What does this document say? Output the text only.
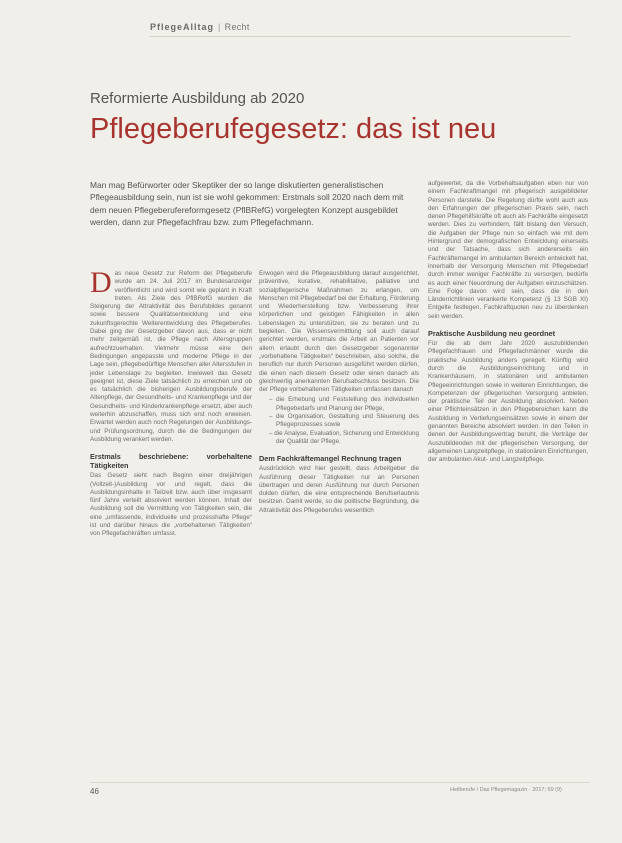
PflegeAlltag | Recht
Reformierte Ausbildung ab 2020
Pflegeberufegesetz: das ist neu

Man mag Befürworter oder Skeptiker der so lange diskutierten generalistischen Pflegeausbildung sein, nun ist sie wohl gekommen: Erstmals soll 2020 nach dem mit dem neuen Pflegeberufereformgesetz (PflBRefG) vorgelegten Konzept ausgebildet werden, dann zur Pflegefachfrau bzw. zum Pflegefachmann.

Das neue Gesetz zur Reform der Pflegeberufe wurde am 24. Juli 2017 im Bundesanzeiger veröffentlicht und wird somit wie geplant in Kraft treten. Als Ziele des PflBRefG wurden die Steigerung der Attraktivität des Berufsbildes genannt sowie bessere Qualitätsentwicklung und eine zukunftsgerechte Weiterentwicklung des Pflegeberufes. Dabei ging der Gesetzgeber davon aus, dass er nicht mehr zeitgemäß ist, die Pflege nach Altersgruppen aufrechtzuerhalten. Vielmehr müsse eine den Bedingungen angepasste und moderne Pflege in der Lage sein, pflegebedürftige Menschen aller Altersstufen in jeder Lebenslage zu begleiten. Inwieweit das Gesetz geeignet ist, diese Ziele tatsächlich zu erreichen und ob es tatsächlich die bisherigen Ausbildungsberufe der Altenpflege, der Gesundheits- und Krankenpflege und der Gesundheits- und Kinderkrankenpflege ersetzt, aber auch weiterhin abzuschaffen, muss sich erst noch erweisen. Erwartet werden auch noch Regelungen der Ausbildungs- und Prüfungsordnung, durch die die Bedingungen der Ausbildung verankert werden.

Erstmals beschriebene: vorbehaltene Tätigkeiten

Das Gesetz sieht nach Beginn einer dreijährigen (Vollzeit-)Ausbildung vor und regelt, dass die Ausbildungsinhalte in Teilzeit bzw. auch über insgesamt fünf Jahre verteilt absolviert werden können. Inhalt der Ausbildung soll die Vermittlung von Tätigkeiten sein, die eine „umfassende, individuelle und prozesshafte Pflege“ ist und darüber hinaus die „vorbehaltenen Tätigkeiten“ von Pflegefachkräften umfasst.

Erwogen wird die Pflegeausbildung darauf ausgerichtet, präventive, kurative, rehabilitative, palliative und sozialpflegerische Maßnahmen zu erlangen, um Menschen mit Pflegebedarf bei der Erhaltung, Förderung und Wiederherstellung bzw. Verbesserung ihrer körperlichen und geistigen Fähigkeiten in allen Lebenslagen zu unterstützen, sie zu beraten und zu begleiten. Die Wissensvermittlung soll auch darauf gerichtet werden, erstmals die Arbeit an Patienten vor allem erlaubt durch den Gesetzgeber sogenannter „vorbehaltene Tätigkeiten“ beschrieben, also solche, die beruflich nur durch Personen ausgeführt werden dürfen, die einen nach diesem Gesetz oder einen danach als gleichwertig anerkannten Berufsabschluss besitzen. Die der Pflege vorbehaltenen Tätigkeiten umfassen danach

– die Erhebung und Feststellung des individuellen Pflegebedarfs und Planung der Pflege,
– die Organisation, Gestaltung und Steuerung des Pflegeprozesses sowie
– die Analyse, Evaluation, Sicherung und Entwicklung der Qualität der Pflege.
Dem Fachkräftemangel Rechnung tragen

Ausdrücklich wird hier gestellt, dass Arbeitgeber die Ausführung dieser Tätigkeiten nur an Personen übertragen und deren Ausführung nur durch Personen dulden dürfen, die eine entsprechende Berufserlaubnis besitzen. Damit werde, so die politische Begründung, die Attraktivität des Pflegeberufes wesentlich

aufgewertet, da die Vorbehaltsaufgaben eben nur von einem Fachkraftmangel mit pflegerisch ausgebildeter Personen darstelle. Die Regelung dürfte wohl auch aus den Erfahrungen der pflegerischen Praxis sein, nach denen Pflegehilfskräfte oft auch als Fachkräfte eingesetzt werden. Dies zu verhindern, fällt bislang den Versuch, die Aufgaben der Pflege nun so einfach wie mit dem Hintergrund der demografischen Entwicklung einerseits und der Tatsache, dass sich andererseits ein Fachkräftemangel im ambulanten Bereich entwickelt hat, innerhalb der Versorgung Menschen mit Pflegebedarf durch immer weniger Fachkräfte zu versorgen, bedürfe es auch einer Neuordnung der Aufgaben einzuschätzen. Eine Folge davon wird sein, dass die in den Länderrichtlinien verankerte Kompetenz (§ 13 SGB XI) Entgelte festlegen, Fachkraftquoten neu zu überdenken sein werden.

Praktische Ausbildung neu geordnet

Für die ab dem Jahr 2020 auszubildenden Pflegefachfrauen und Pflegefachmänner wurde die praktische Ausbildung anders geregelt. Künftig wird durch die Ausbildungseinrichtung und in Krankenhäusern, in stationären und ambulanten Pflegeeinrichtungen sowie in weiteren Einrichtungen, die Kompetenzen der pflegerischen Versorgung anbieten, der praktische Teil der Ausbildung absolviert. Neben einer Pflichteinsätzen in den Pflegebereichen kann die Ausbildung in Vertiefungseinsätzen sowie in einem der genannten Bereiche absolviert werden. In den Teilen in denen der Ausbildungsvertrag beruht, die Verträge der Auszubildenden mit der pflegerischen Versorgung, der allgemeinen Langzeitpflege, in stationären Einrichtungen, der ambulanten Akut- und Langzeitpflege.

46	Heilberufe / Das Pflegemagazin · 2017; 69 (9)
